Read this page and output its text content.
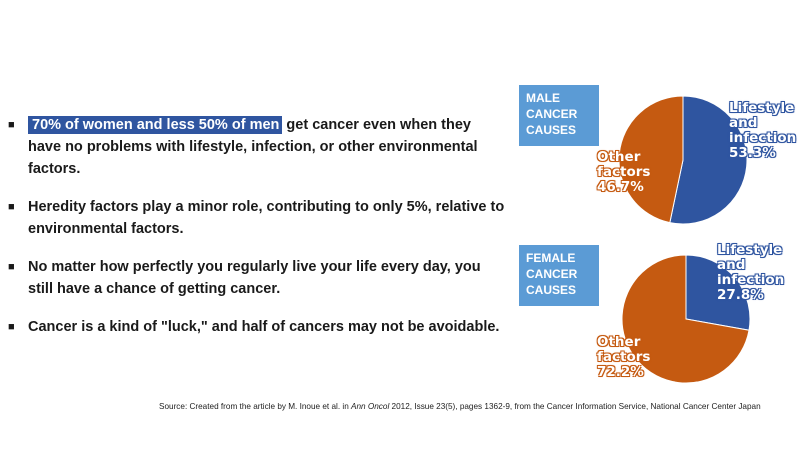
■ 70% of women and less 50% of men get cancer even when they have no problems with lifestyle, infection, or other environmental factors.
■ Heredity factors play a minor role, contributing to only 5%, relative to environmental factors.
■ No matter how perfectly you regularly live your life every day, you still have a chance of getting cancer.
■ Cancer is a kind of "luck," and half of cancers may not be avoidable.
MALE
CANCER
CAUSES
Lifestyle
and
infection
53.3%
Other
factors
46.7%
FEMALE
CANCER
CAUSES
Lifestyle
and
infection
27.8%
Other
factors
72.2%
Source: Created from the article by M. Inoue et al. in Ann Oncol 2012, Issue 23(5), pages 1362-9, from the Cancer Information Service, National Cancer Center Japan
